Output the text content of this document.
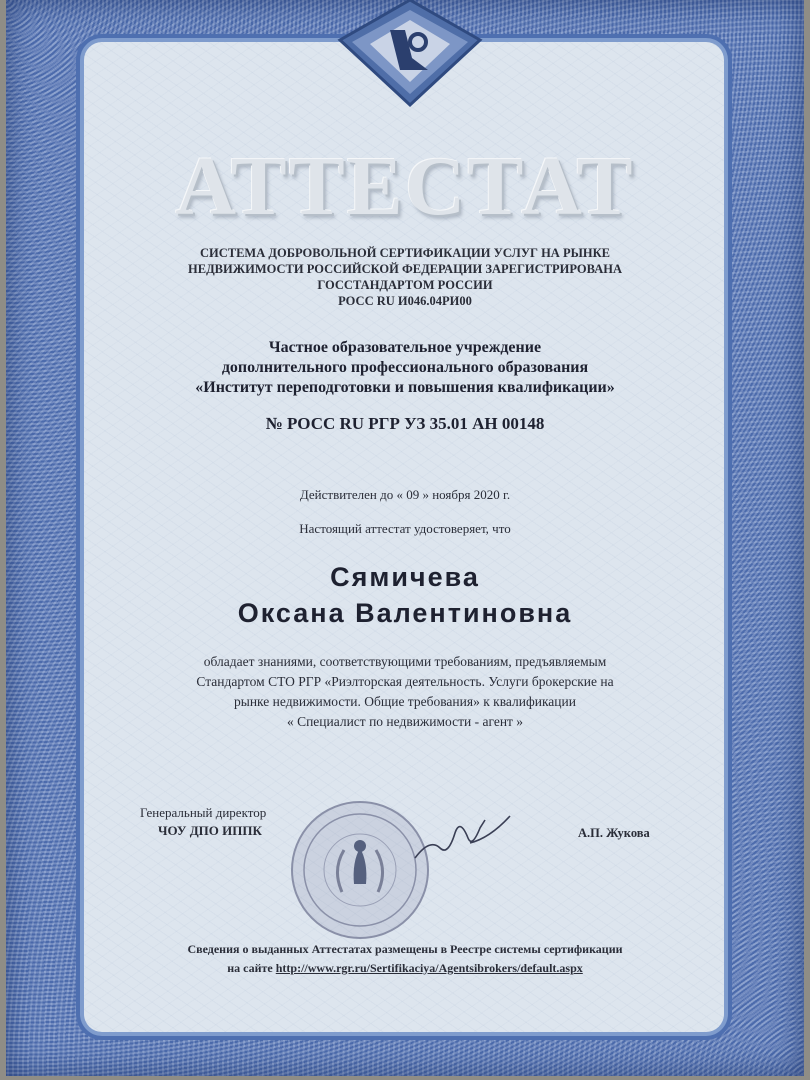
АТТЕСТАТ
СИСТЕМА ДОБРОВОЛЬНОЙ СЕРТИФИКАЦИИ УСЛУГ НА РЫНКЕ
НЕДВИЖИМОСТИ РОССИЙСКОЙ ФЕДЕРАЦИИ ЗАРЕГИСТРИРОВАНА
ГОССТАНДАРТОМ РОССИИ
РОСС RU И046.04РИ00
Частное образовательное учреждение
дополнительного профессионального образования
«Институт переподготовки и повышения квалификации»
№ РОСС RU РГР УЗ 35.01 АН 00148
Действителен до « 09 » ноября 2020 г.
Настоящий аттестат удостоверяет, что
Сямичева
Оксана Валентиновна
обладает знаниями, соответствующими требованиям, предъявляемым
Стандартом СТО РГР «Риэлторская деятельность. Услуги брокерские на
рынке недвижимости. Общие требования» к квалификации
« Специалист по недвижимости - агент »
Генеральный директор
ЧОУ ДПО ИППК	А.П. Жукова
Сведения о выданных Аттестатах размещены в Реестре системы сертификации
на сайте http://www.rgr.ru/Sertifikaciya/Agentsibrokers/default.aspx
